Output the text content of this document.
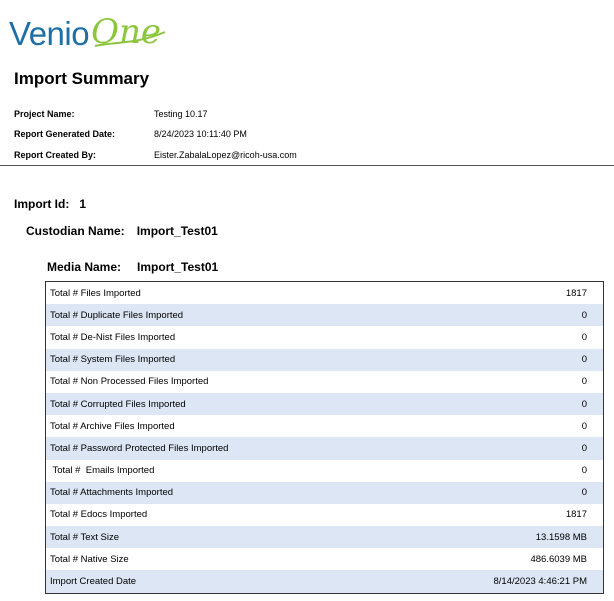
Venio One
Import Summary
Project Name:	Testing 10.17
Report Generated Date:	8/24/2023 10:11:40 PM
Report Created By:	Eister.ZabalaLopez@ricoh-usa.com
Import Id: 1
Custodian Name: Import_Test01
Media Name: Import_Test01
Total # Files Imported	1817
Total # Duplicate Files Imported	0
Total # De-Nist Files Imported	0
Total # System Files Imported	0
Total # Non Processed Files Imported	0
Total # Corrupted Files Imported	0
Total # Archive Files Imported	0
Total # Password Protected Files Imported	0
Total #  Emails Imported	0
Total # Attachments Imported	0
Total # Edocs Imported	1817
Total # Text Size	13.1598 MB
Total # Native Size	486.6039 MB
Import Created Date	8/14/2023 4:46:21 PM
